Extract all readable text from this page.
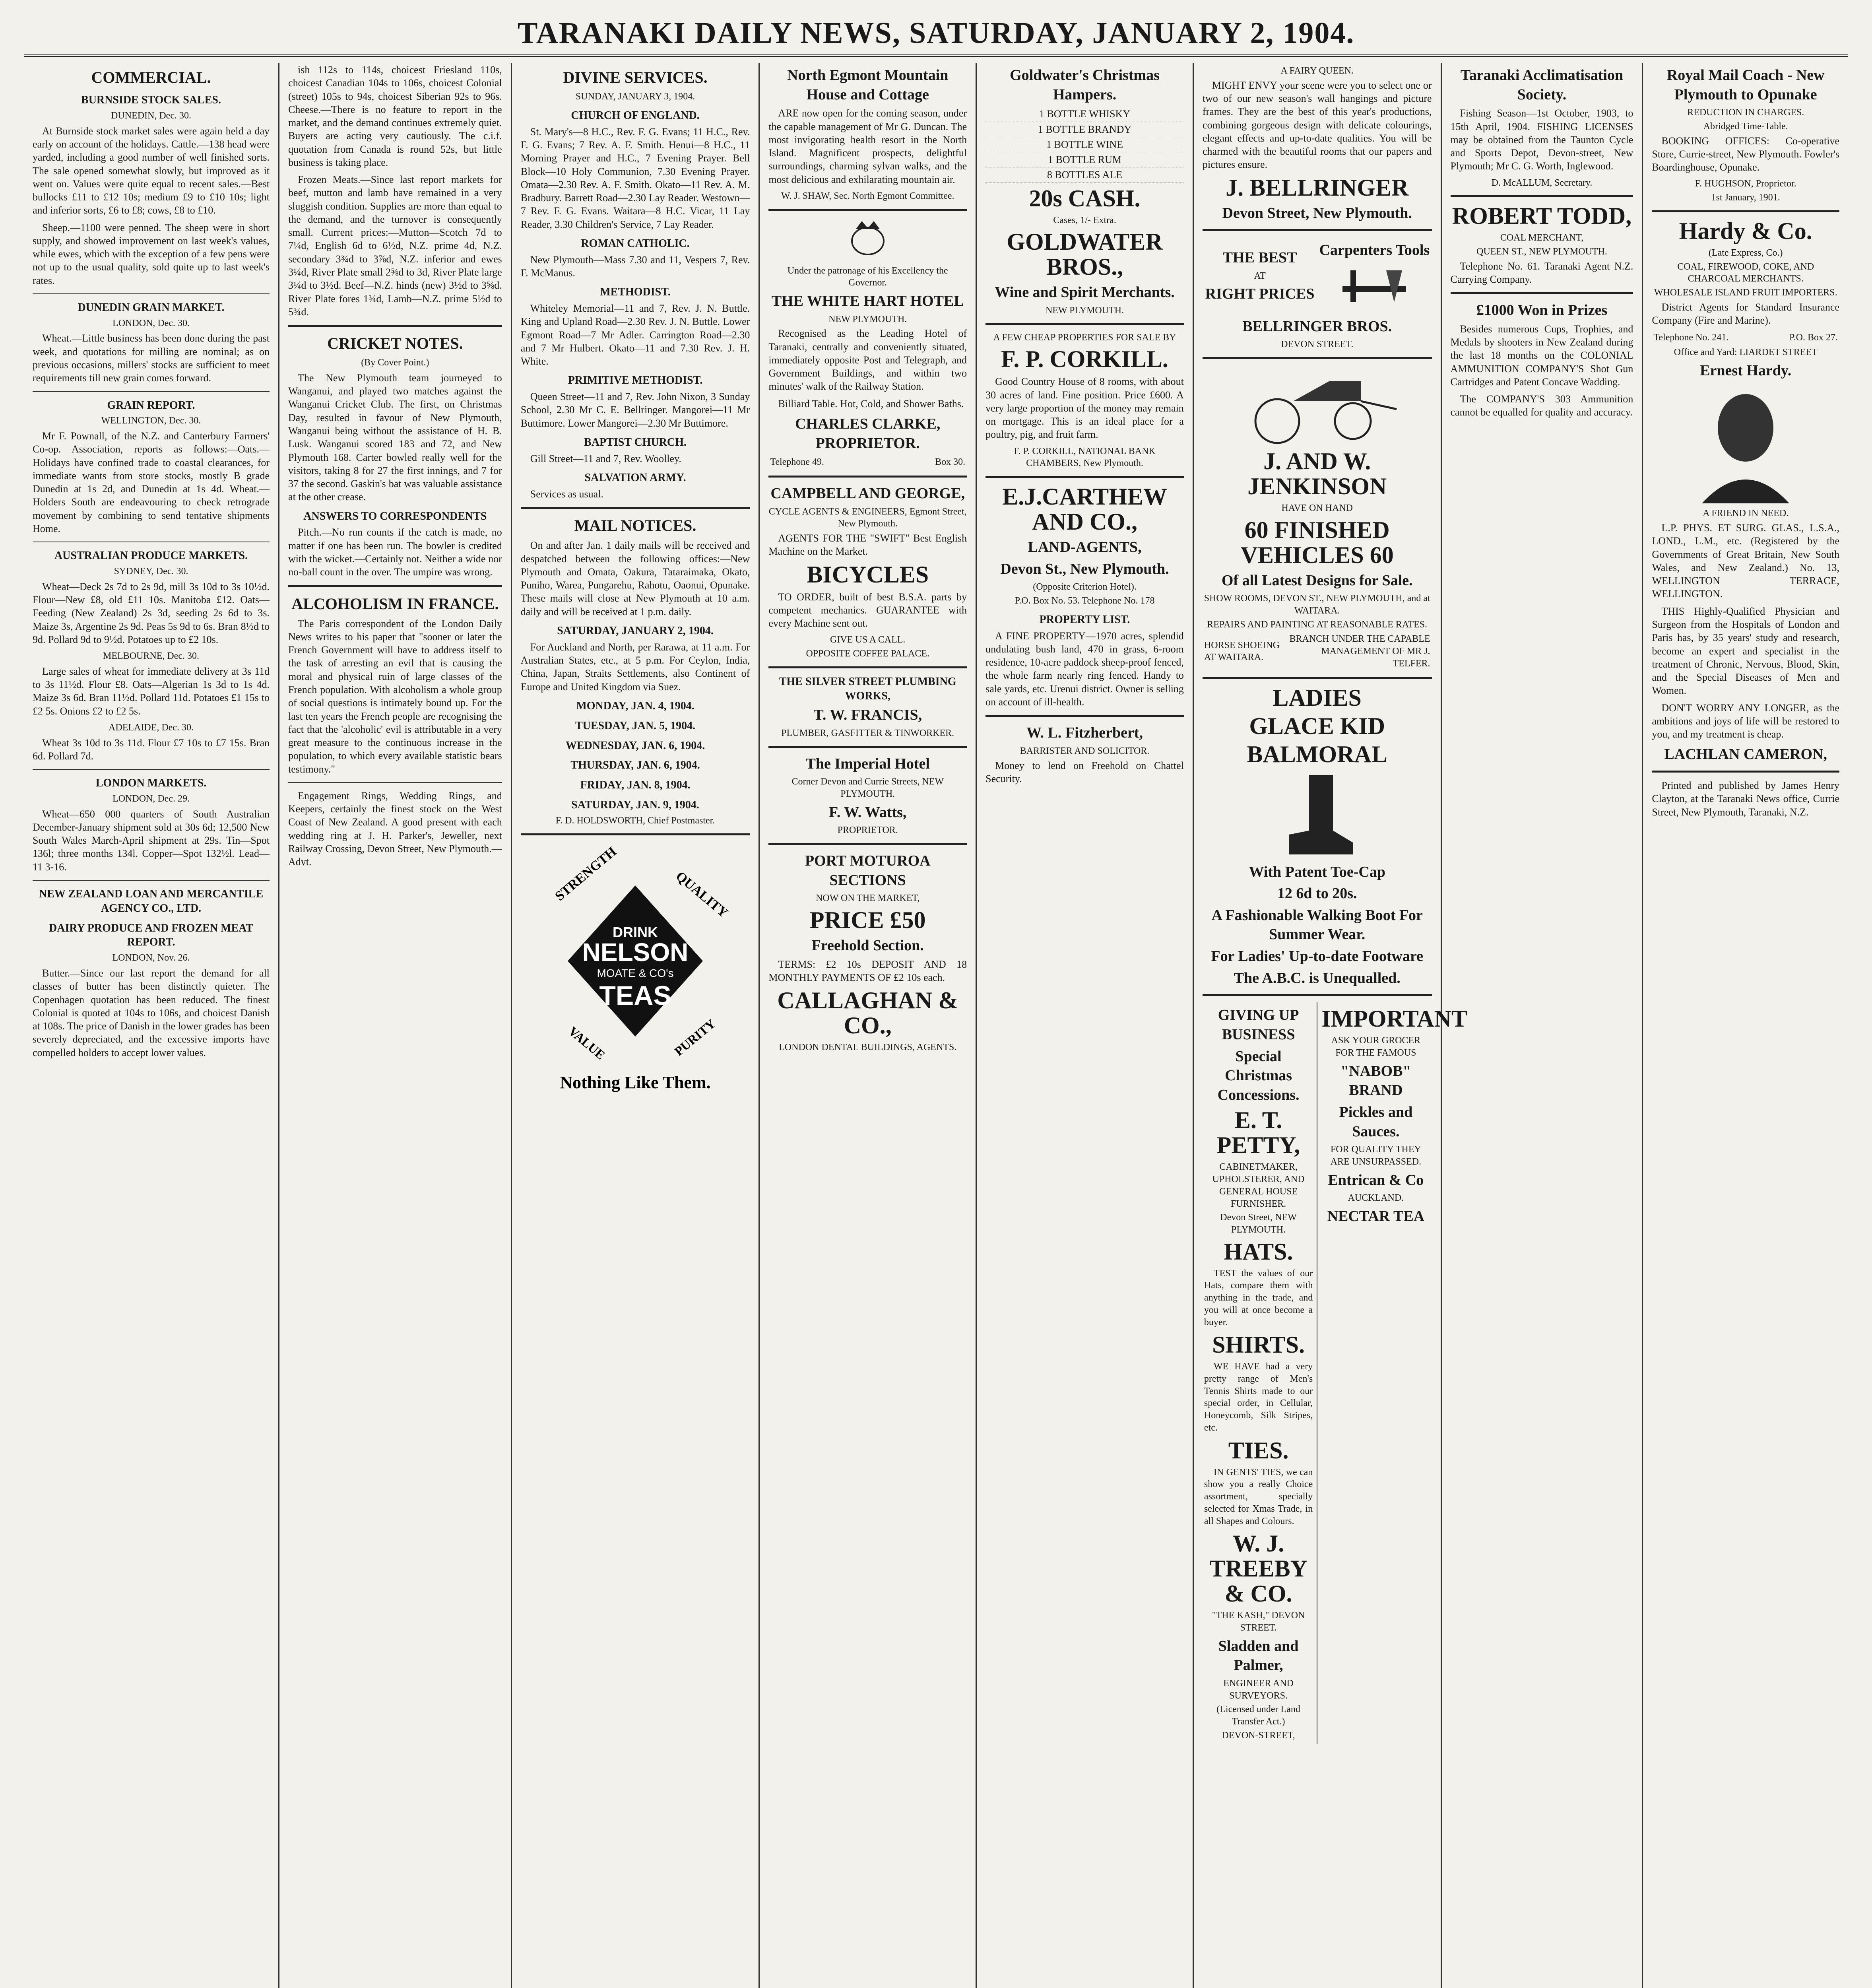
TARANAKI DAILY NEWS, SATURDAY, JANUARY 2, 1904.
COMMERCIAL.
BURNSIDE STOCK SALES.
DUNEDIN, Dec. 30.

At Burnside stock market sales were again held a day early on account of the holidays. Cattle.—138 head were yarded, including a good number of well finished sorts. The sale opened somewhat slowly, but improved as it went on. Values were quite equal to recent sales.—Best bullocks £11 to £12 10s; medium £9 to £10 10s; light and inferior sorts, £6 to £8; cows, £8 to £10.

Sheep.—1100 were penned. The sheep were in short supply, and showed improvement on last week's values, while ewes, which with the exception of a few pens were not up to the usual quality, sold quite up to last week's rates.

DUNEDIN GRAIN MARKET.
LONDON, Dec. 30.

Wheat.—Little business has been done during the past week, and quotations for milling are nominal; as on previous occasions, millers' stocks are sufficient to meet requirements till new grain comes forward.

GRAIN REPORT.
WELLINGTON, Dec. 30.

Mr F. Pownall, of the N.Z. and Canterbury Farmers' Co-op. Association, reports as follows:—Oats.—Holidays have confined trade to coastal clearances, for immediate wants from store stocks, mostly B grade Dunedin at 1s 2d, and Dunedin at 1s 4d. Wheat.—Holders South are endeavouring to check retrograde movement by combining to send tentative shipments Home.

AUSTRALIAN PRODUCE MARKETS.
SYDNEY, Dec. 30.

Wheat—Deck 2s 7d to 2s 9d, mill 3s 10d to 3s 10½d. Flour—New £8, old £11 10s. Manitoba £12. Oats—Feeding (New Zealand) 2s 3d, seeding 2s 6d to 3s. Maize 3s, Argentine 2s 9d. Peas 5s 9d to 6s. Bran 8½d to 9d. Pollard 9d to 9½d. Potatoes up to £2 10s.

MELBOURNE, Dec. 30.

Large sales of wheat for immediate delivery at 3s 11d to 3s 11½d. Flour £8. Oats—Algerian 1s 3d to 1s 4d. Maize 3s 6d. Bran 11½d. Pollard 11d. Potatoes £1 15s to £2 5s. Onions £2 to £2 5s.

ADELAIDE, Dec. 30.

Wheat 3s 10d to 3s 11d. Flour £7 10s to £7 15s. Bran 6d. Pollard 7d.

LONDON MARKETS.
LONDON, Dec. 29.

Wheat—650 000 quarters of South Australian December-January shipment sold at 30s 6d; 12,500 New South Wales March-April shipment at 29s. Tin—Spot 136l; three months 134l. Copper—Spot 132½l. Lead—11 3-16.

NEW ZEALAND LOAN AND MERCANTILE AGENCY CO., LTD.
DAIRY PRODUCE AND FROZEN MEAT REPORT.
LONDON, Nov. 26.

Butter.—Since our last report the demand for all classes of butter has been distinctly quieter. The Copenhagen quotation has been reduced. The finest Colonial is quoted at 104s to 106s, and choicest Danish at 108s. The price of Danish in the lower grades has been severely depreciated, and the excessive imports have compelled holders to accept lower values.

ish 112s to 114s, choicest Friesland 110s, choicest Canadian 104s to 106s, choicest Colonial (street) 105s to 94s, choicest Siberian 92s to 96s. Cheese.—There is no feature to report in the market, and the demand continues extremely quiet. Buyers are acting very cautiously. The c.i.f. quotation from Canada is round 52s, but little business is taking place.

Frozen Meats.—Since last report markets for beef, mutton and lamb have remained in a very sluggish condition. Supplies are more than equal to the demand, and the turnover is consequently small. Current prices:—Mutton—Scotch 7d to 7¼d, English 6d to 6½d, N.Z. prime 4d, N.Z. secondary 3¾d to 3⅞d, N.Z. inferior and ewes 3¼d, River Plate small 2⅝d to 3d, River Plate large 3¼d to 3½d. Beef—N.Z. hinds (new) 3½d to 3⅝d. River Plate fores 1¾d, Lamb—N.Z. prime 5½d to 5¾d.

CRICKET NOTES.
(By Cover Point.)

The New Plymouth team journeyed to Wanganui, and played two matches against the Wanganui Cricket Club. The first, on Christmas Day, resulted in favour of New Plymouth, Wanganui being without the assistance of H. B. Lusk. Wanganui scored 183 and 72, and New Plymouth 168. Carter bowled really well for the visitors, taking 8 for 27 the first innings, and 7 for 37 the second. Gaskin's bat was valuable assistance at the other crease.

ANSWERS TO CORRESPONDENTS

Pitch.—No run counts if the catch is made, no matter if one has been run. The bowler is credited with the wicket.—Certainly not. Neither a wide nor no-ball count in the over. The umpire was wrong.

ALCOHOLISM IN FRANCE.

The Paris correspondent of the London Daily News writes to his paper that "sooner or later the French Government will have to address itself to the task of arresting an evil that is causing the moral and physical ruin of large classes of the French population. With alcoholism a whole group of social questions is intimately bound up. For the last ten years the French people are recognising the fact that the 'alcoholic' evil is attributable in a very great measure to the continuous increase in the population, to which every available statistic bears testimony."

Engagement Rings, Wedding Rings, and Keepers, certainly the finest stock on the West Coast of New Zealand. A good present with each wedding ring at J. H. Parker's, Jeweller, next Railway Crossing, Devon Street, New Plymouth.—Advt.

DIVINE SERVICES.
SUNDAY, JANUARY 3, 1904.
CHURCH OF ENGLAND.

St. Mary's—8 H.C., Rev. F. G. Evans; 11 H.C., Rev. F. G. Evans; 7 Rev. A. F. Smith. Henui—8 H.C., 11 Morning Prayer and H.C., 7 Evening Prayer. Bell Block—10 Holy Communion, 7.30 Evening Prayer. Omata—2.30 Rev. A. F. Smith. Okato—11 Rev. A. M. Bradbury. Barrett Road—2.30 Lay Reader. Westown—7 Rev. F. G. Evans. Waitara—8 H.C. Vicar, 11 Lay Reader, 3.30 Children's Service, 7 Lay Reader.

ROMAN CATHOLIC.

New Plymouth—Mass 7.30 and 11, Vespers 7, Rev. F. McManus.

METHODIST.

Whiteley Memorial—11 and 7, Rev. J. N. Buttle. King and Upland Road—2.30 Rev. J. N. Buttle. Lower Egmont Road—7 Mr Adler. Carrington Road—2.30 and 7 Mr Hulbert. Okato—11 and 7.30 Rev. J. H. White.

PRIMITIVE METHODIST.

Queen Street—11 and 7, Rev. John Nixon, 3 Sunday School, 2.30 Mr C. E. Bellringer. Mangorei—11 Mr Buttimore. Lower Mangorei—2.30 Mr Buttimore.

BAPTIST CHURCH.

Gill Street—11 and 7, Rev. Woolley.

SALVATION ARMY.

Services as usual.

MAIL NOTICES.

On and after Jan. 1 daily mails will be received and despatched between the following offices:—New Plymouth and Omata, Oakura, Tataraimaka, Okato, Puniho, Warea, Pungarehu, Rahotu, Oaonui, Opunake. These mails will close at New Plymouth at 10 a.m. daily and will be received at 1 p.m. daily.

SATURDAY, JANUARY 2, 1904.

For Auckland and North, per Rarawa, at 11 a.m. For Australian States, etc., at 5 p.m. For Ceylon, India, China, Japan, Straits Settlements, also Continent of Europe and United Kingdom via Suez.

MONDAY, JAN. 4, 1904.
TUESDAY, JAN. 5, 1904.
WEDNESDAY, JAN. 6, 1904.
THURSDAY, JAN. 6, 1904.
FRIDAY, JAN. 8, 1904.
SATURDAY, JAN. 9, 1904.
F. D. HOLDSWORTH, Chief Postmaster.
STRENGTH	QUALITY
DRINK
NELSON
MOATE & CO's
TEAS
VALUE	PURITY
Nothing Like Them.
North Egmont Mountain House and Cottage

ARE now open for the coming season, under the capable management of Mr G. Duncan. The most invigorating health resort in the North Island. Magnificent prospects, delightful surroundings, charming sylvan walks, and the most delicious and exhilarating mountain air.

W. J. SHAW, Sec. North Egmont Committee.
Under the patronage of his Excellency the Governor.
THE WHITE HART HOTEL
NEW PLYMOUTH.

Recognised as the Leading Hotel of Taranaki, centrally and conveniently situated, immediately opposite Post and Telegraph, and Government Buildings, and within two minutes' walk of the Railway Station.

Billiard Table. Hot, Cold, and Shower Baths.

CHARLES CLARKE, PROPRIETOR.
Telephone 49.	Box 30.
CAMPBELL AND GEORGE,
CYCLE AGENTS & ENGINEERS, Egmont Street, New Plymouth.

AGENTS FOR THE "SWIFT" Best English Machine on the Market.

BICYCLES

TO ORDER, built of best B.S.A. parts by competent mechanics. GUARANTEE with every Machine sent out.

GIVE US A CALL.
OPPOSITE COFFEE PALACE.
THE SILVER STREET PLUMBING WORKS,
T. W. FRANCIS,
PLUMBER, GASFITTER & TINWORKER.
The Imperial Hotel
Corner Devon and Currie Streets, NEW PLYMOUTH.
F. W. Watts,
PROPRIETOR.
PORT MOTUROA SECTIONS
NOW ON THE MARKET,
PRICE £50
Freehold Section.

TERMS: £2 10s DEPOSIT AND 18 MONTHLY PAYMENTS OF £2 10s each.

CALLAGHAN & CO.,
LONDON DENTAL BUILDINGS, AGENTS.
Goldwater's Christmas Hampers.
1 BOTTLE WHISKY
1 BOTTLE BRANDY
1 BOTTLE WINE
1 BOTTLE RUM
8 BOTTLES ALE
20s CASH.
Cases, 1/- Extra.
GOLDWATER BROS.,
Wine and Spirit Merchants.
NEW PLYMOUTH.
A FEW CHEAP PROPERTIES FOR SALE BY
F. P. CORKILL.

Good Country House of 8 rooms, with about 30 acres of land. Fine position. Price £600. A very large proportion of the money may remain on mortgage. This is an ideal place for a poultry, pig, and fruit farm.

F. P. CORKILL, NATIONAL BANK CHAMBERS, New Plymouth.
E.J.CARTHEW AND CO.,
LAND-AGENTS,
Devon St., New Plymouth.
(Opposite Criterion Hotel).
P.O. Box No. 53. Telephone No. 178
PROPERTY LIST.

A FINE PROPERTY—1970 acres, splendid undulating bush land, 470 in grass, 6-room residence, 10-acre paddock sheep-proof fenced, the whole farm nearly ring fenced. Handy to sale yards, etc. Urenui district. Owner is selling on account of ill-health.

W. L. Fitzherbert,
BARRISTER AND SOLICITOR.

Money to lend on Freehold on Chattel Security.

A FAIRY QUEEN.

MIGHT ENVY your scene were you to select one or two of our new season's wall hangings and picture frames. They are the best of this year's productions, combining gorgeous design with delicate colourings, elegant effects and up-to-date qualities. You will be charmed with the beautiful rooms that our papers and pictures ensure.

J. BELLRINGER
Devon Street, New Plymouth.
THE BEST
AT
RIGHT PRICES

Carpenters Tools
BELLRINGER BROS.
DEVON STREET.
J. AND W. JENKINSON
HAVE ON HAND
60 FINISHED VEHICLES 60
Of all Latest Designs for Sale.
SHOW ROOMS, DEVON ST., NEW PLYMOUTH, and at WAITARA.
REPAIRS AND PAINTING AT REASONABLE RATES.
HORSE SHOEING AT WAITARA.	BRANCH UNDER THE CAPABLE MANAGEMENT OF MR J. TELFER.
LADIES
GLACE KID
BALMORAL
With Patent Toe-Cap
12 6d to 20s.
A Fashionable Walking Boot For Summer Wear.
For Ladies' Up-to-date Footware
The A.B.C. is Unequalled.
GIVING UP BUSINESS
Special Christmas Concessions.
E. T. PETTY,
CABINETMAKER, UPHOLSTERER, AND GENERAL HOUSE FURNISHER.
Devon Street, NEW PLYMOUTH.
HATS.

TEST the values of our Hats, compare them with anything in the trade, and you will at once become a buyer.

SHIRTS.

WE HAVE had a very pretty range of Men's Tennis Shirts made to our special order, in Cellular, Honeycomb, Silk Stripes, etc.

TIES.

IN GENTS' TIES, we can show you a really Choice assortment, specially selected for Xmas Trade, in all Shapes and Colours.

W. J. TREEBY & CO.
"THE KASH," DEVON STREET.
Sladden and Palmer,
ENGINEER AND SURVEYORS.
(Licensed under Land Transfer Act.)
DEVON-STREET,

IMPORTANT
ASK YOUR GROCER FOR THE FAMOUS
"NABOB" BRAND
Pickles and Sauces.
FOR QUALITY THEY ARE UNSURPASSED.
Entrican & Co
AUCKLAND.
NECTAR TEA
Taranaki Acclimatisation Society.

Fishing Season—1st October, 1903, to 15th April, 1904. FISHING LICENSES may be obtained from the Taunton Cycle and Sports Depot, Devon-street, New Plymouth; Mr C. G. Worth, Inglewood.

D. McALLUM, Secretary.
ROBERT TODD,
COAL MERCHANT,
QUEEN ST., NEW PLYMOUTH.

Telephone No. 61. Taranaki Agent N.Z. Carrying Company.

£1000 Won in Prizes

Besides numerous Cups, Trophies, and Medals by shooters in New Zealand during the last 18 months on the COLONIAL AMMUNITION COMPANY'S Shot Gun Cartridges and Patent Concave Wadding.

The COMPANY'S 303 Ammunition cannot be equalled for quality and accuracy.

Royal Mail Coach - New Plymouth to Opunake
REDUCTION IN CHARGES.
Abridged Time-Table.

BOOKING OFFICES: Co-operative Store, Currie-street, New Plymouth. Fowler's Boardinghouse, Opunake.

F. HUGHSON, Proprietor.
1st January, 1901.
Hardy & Co.
(Late Express, Co.)
COAL, FIREWOOD, COKE, AND CHARCOAL MERCHANTS.
WHOLESALE ISLAND FRUIT IMPORTERS.

District Agents for Standard Insurance Company (Fire and Marine).

Telephone No. 241.	P.O. Box 27.
Office and Yard: LIARDET STREET
Ernest Hardy.
A FRIEND IN NEED.

L.P. PHYS. ET SURG. GLAS., L.S.A., LOND., L.M., etc. (Registered by the Governments of Great Britain, New South Wales, and New Zealand.) No. 13, WELLINGTON TERRACE, WELLINGTON.

THIS Highly-Qualified Physician and Surgeon from the Hospitals of London and Paris has, by 35 years' study and research, become an expert and specialist in the treatment of Chronic, Nervous, Blood, Skin, and the Special Diseases of Men and Women.

DON'T WORRY ANY LONGER, as the ambitions and joys of life will be restored to you, and my treatment is cheap.

LACHLAN CAMERON,

Printed and published by James Henry Clayton, at the Taranaki News office, Currie Street, New Plymouth, Taranaki, N.Z.
